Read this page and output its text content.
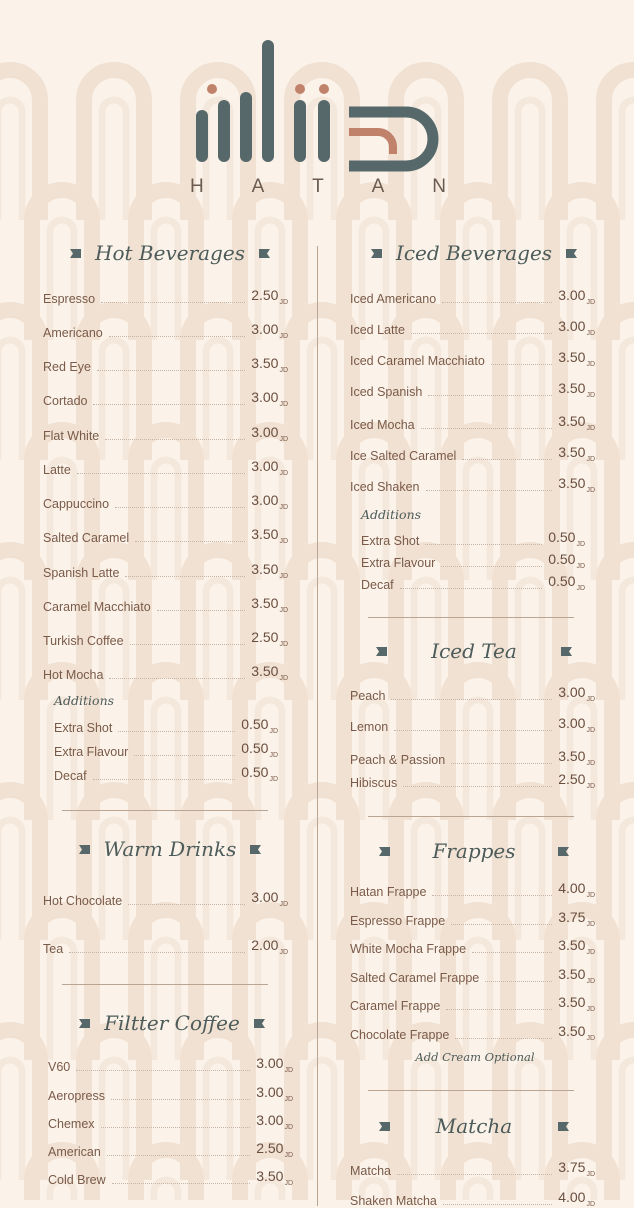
H A T A N
Hot Beverages
Espresso	$2.50_{JD}$
Americano	$3.00_{JD}$
Red Eye	$3.50_{JD}$
Cortado	$3.00_{JD}$
Flat White	$3.00_{JD}$
Latte	$3.00_{JD}$
Cappuccino	$3.00_{JD}$
Salted Caramel	$3.50_{JD}$
Spanish Latte	$3.50_{JD}$
Caramel Macchiato	$3.50_{JD}$
Turkish Coffee	$2.50_{JD}$
Hot Mocha	$3.50_{JD}$
Additions
Extra Shot	$0.50_{JD}$
Extra Flavour	$0.50_{JD}$
Decaf	$0.50_{JD}$
Warm Drinks
Hot Chocolate	$3.00_{JD}$
Tea	$2.00_{JD}$
Filtter Coffee
V60	$3.00_{JD}$
Aeropress	$3.00_{JD}$
Chemex	$3.00_{JD}$
American	$2.50_{JD}$
Cold Brew	$3.50_{JD}$
Iced Beverages
Iced Americano	$3.00_{JD}$
Iced Latte	$3.00_{JD}$
Iced Caramel Macchiato	$3.50_{JD}$
Iced Spanish	$3.50_{JD}$
Iced Mocha	$3.50_{JD}$
Ice Salted Caramel	$3.50_{JD}$
Iced Shaken	$3.50_{JD}$
Additions
Extra Shot	$0.50_{JD}$
Extra Flavour	$0.50_{JD}$
Decaf	$0.50_{JD}$
Iced Tea
Peach	$3.00_{JD}$
Lemon	$3.00_{JD}$
Peach & Passion	$3.50_{JD}$
Hibiscus	$2.50_{JD}$
Frappes
Hatan Frappe	$4.00_{JD}$
Espresso Frappe	$3.75_{JD}$
White Mocha Frappe	$3.50_{JD}$
Salted Caramel Frappe	$3.50_{JD}$
Caramel Frappe	$3.50_{JD}$
Chocolate Frappe	$3.50_{JD}$
Add Cream Optional
Matcha
Matcha	$3.75_{JD}$
Shaken Matcha	$4.00_{JD}$
